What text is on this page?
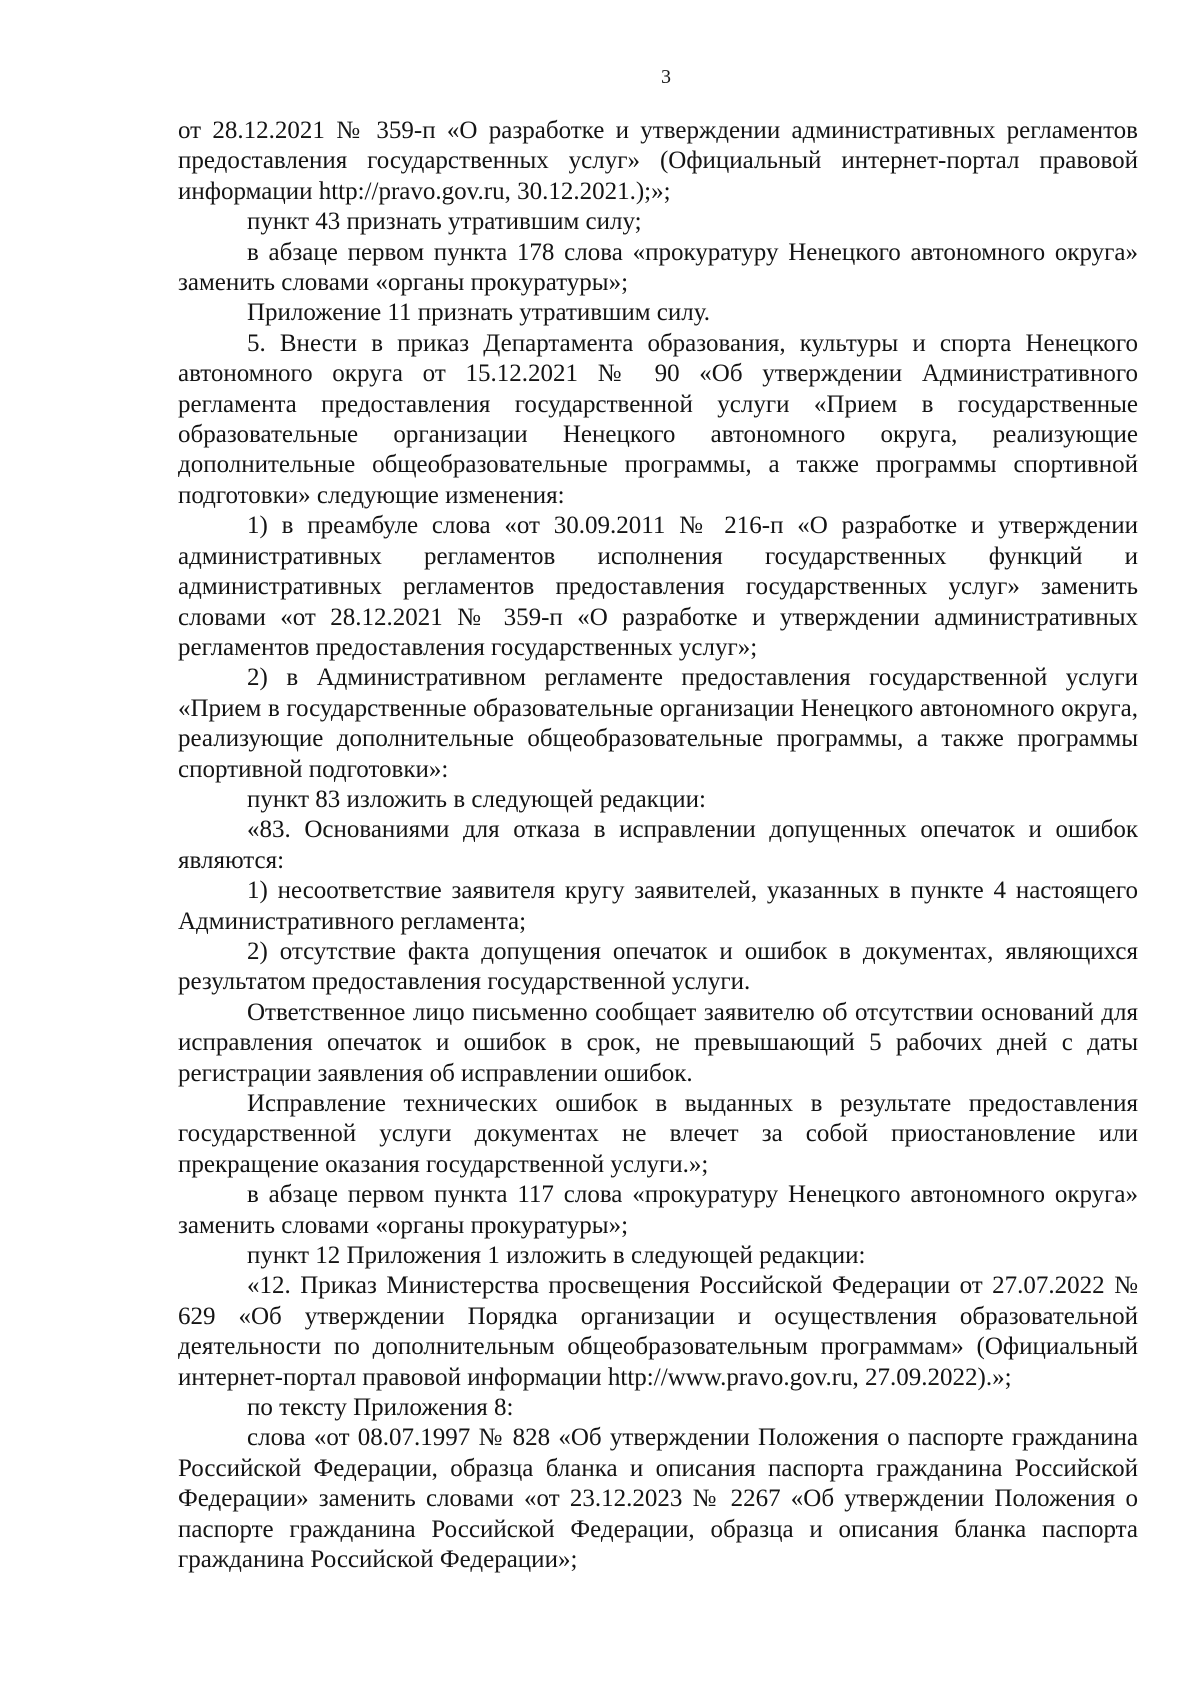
3

от 28.12.2021 № 359-п «О разработке и утверждении административных регламентов предоставления государственных услуг» (Официальный интернет-портал правовой информации http://pravo.gov.ru, 30.12.2021.);»;

пункт 43 признать утратившим силу;

в абзаце первом пункта 178 слова «прокуратуру Ненецкого автономного округа» заменить словами «органы прокуратуры»;

Приложение 11 признать утратившим силу.

5. Внести в приказ Департамента образования, культуры и спорта Ненецкого автономного округа от 15.12.2021 № 90 «Об утверждении Административного регламента предоставления государственной услуги «Прием в государственные образовательные организации Ненецкого автономного округа, реализующие дополнительные общеобразовательные программы, а также программы спортивной подготовки» следующие изменения:

1) в преамбуле слова «от 30.09.2011 № 216-п «О разработке и утверждении административных регламентов исполнения государственных функций и административных регламентов предоставления государственных услуг» заменить словами «от 28.12.2021 № 359-п «О разработке и утверждении административных регламентов предоставления государственных услуг»;

2) в Административном регламенте предоставления государственной услуги «Прием в государственные образовательные организации Ненецкого автономного округа, реализующие дополнительные общеобразовательные программы, а также программы спортивной подготовки»:

пункт 83 изложить в следующей редакции:

«83. Основаниями для отказа в исправлении допущенных опечаток и ошибок являются:

1) несоответствие заявителя кругу заявителей, указанных в пункте 4 настоящего Административного регламента;

2) отсутствие факта допущения опечаток и ошибок в документах, являющихся результатом предоставления государственной услуги.

Ответственное лицо письменно сообщает заявителю об отсутствии оснований для исправления опечаток и ошибок в срок, не превышающий 5 рабочих дней с даты регистрации заявления об исправлении ошибок.

Исправление технических ошибок в выданных в результате предоставления государственной услуги документах не влечет за собой приостановление или прекращение оказания государственной услуги.»;

в абзаце первом пункта 117 слова «прокуратуру Ненецкого автономного округа» заменить словами «органы прокуратуры»;

пункт 12 Приложения 1 изложить в следующей редакции:

«12. Приказ Министерства просвещения Российской Федерации от 27.07.2022 № 629 «Об утверждении Порядка организации и осуществления образовательной деятельности по дополнительным общеобразовательным программам» (Официальный интернет-портал правовой информации http://www.pravo.gov.ru, 27.09.2022).»;

по тексту Приложения 8:

слова «от 08.07.1997 № 828 «Об утверждении Положения о паспорте гражданина Российской Федерации, образца бланка и описания паспорта гражданина Российской Федерации» заменить словами «от 23.12.2023 № 2267 «Об утверждении Положения о паспорте гражданина Российской Федерации, образца и описания бланка паспорта гражданина Российской Федерации»;
